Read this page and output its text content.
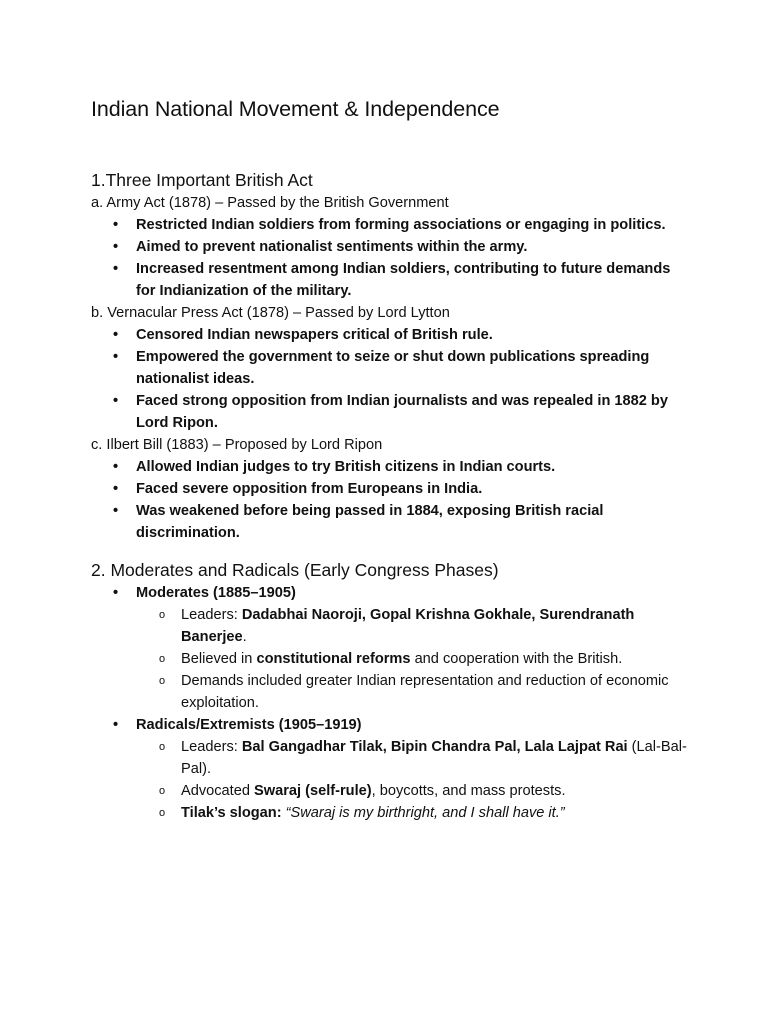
Indian National Movement & Independence
1.Three Important British Act

a. Army Act (1878) – Passed by the British Government

• Restricted Indian soldiers from forming associations or engaging in politics.
• Aimed to prevent nationalist sentiments within the army.
• Increased resentment among Indian soldiers, contributing to future demands for Indianization of the military.

b. Vernacular Press Act (1878) – Passed by Lord Lytton

• Censored Indian newspapers critical of British rule.
• Empowered the government to seize or shut down publications spreading nationalist ideas.
• Faced strong opposition from Indian journalists and was repealed in 1882 by Lord Ripon.

c. Ilbert Bill (1883) – Proposed by Lord Ripon

• Allowed Indian judges to try British citizens in Indian courts.
• Faced severe opposition from Europeans in India.
• Was weakened before being passed in 1884, exposing British racial discrimination.
2. Moderates and Radicals (Early Congress Phases)
• Moderates (1885–1905)
o Leaders: Dadabhai Naoroji, Gopal Krishna Gokhale, Surendranath Banerjee.
o Believed in constitutional reforms and cooperation with the British.
o Demands included greater Indian representation and reduction of economic exploitation.
• Radicals/Extremists (1905–1919)
o Leaders: Bal Gangadhar Tilak, Bipin Chandra Pal, Lala Lajpat Rai (Lal-Bal-Pal).
o Advocated Swaraj (self-rule), boycotts, and mass protests.
o Tilak’s slogan: “Swaraj is my birthright, and I shall have it.”
